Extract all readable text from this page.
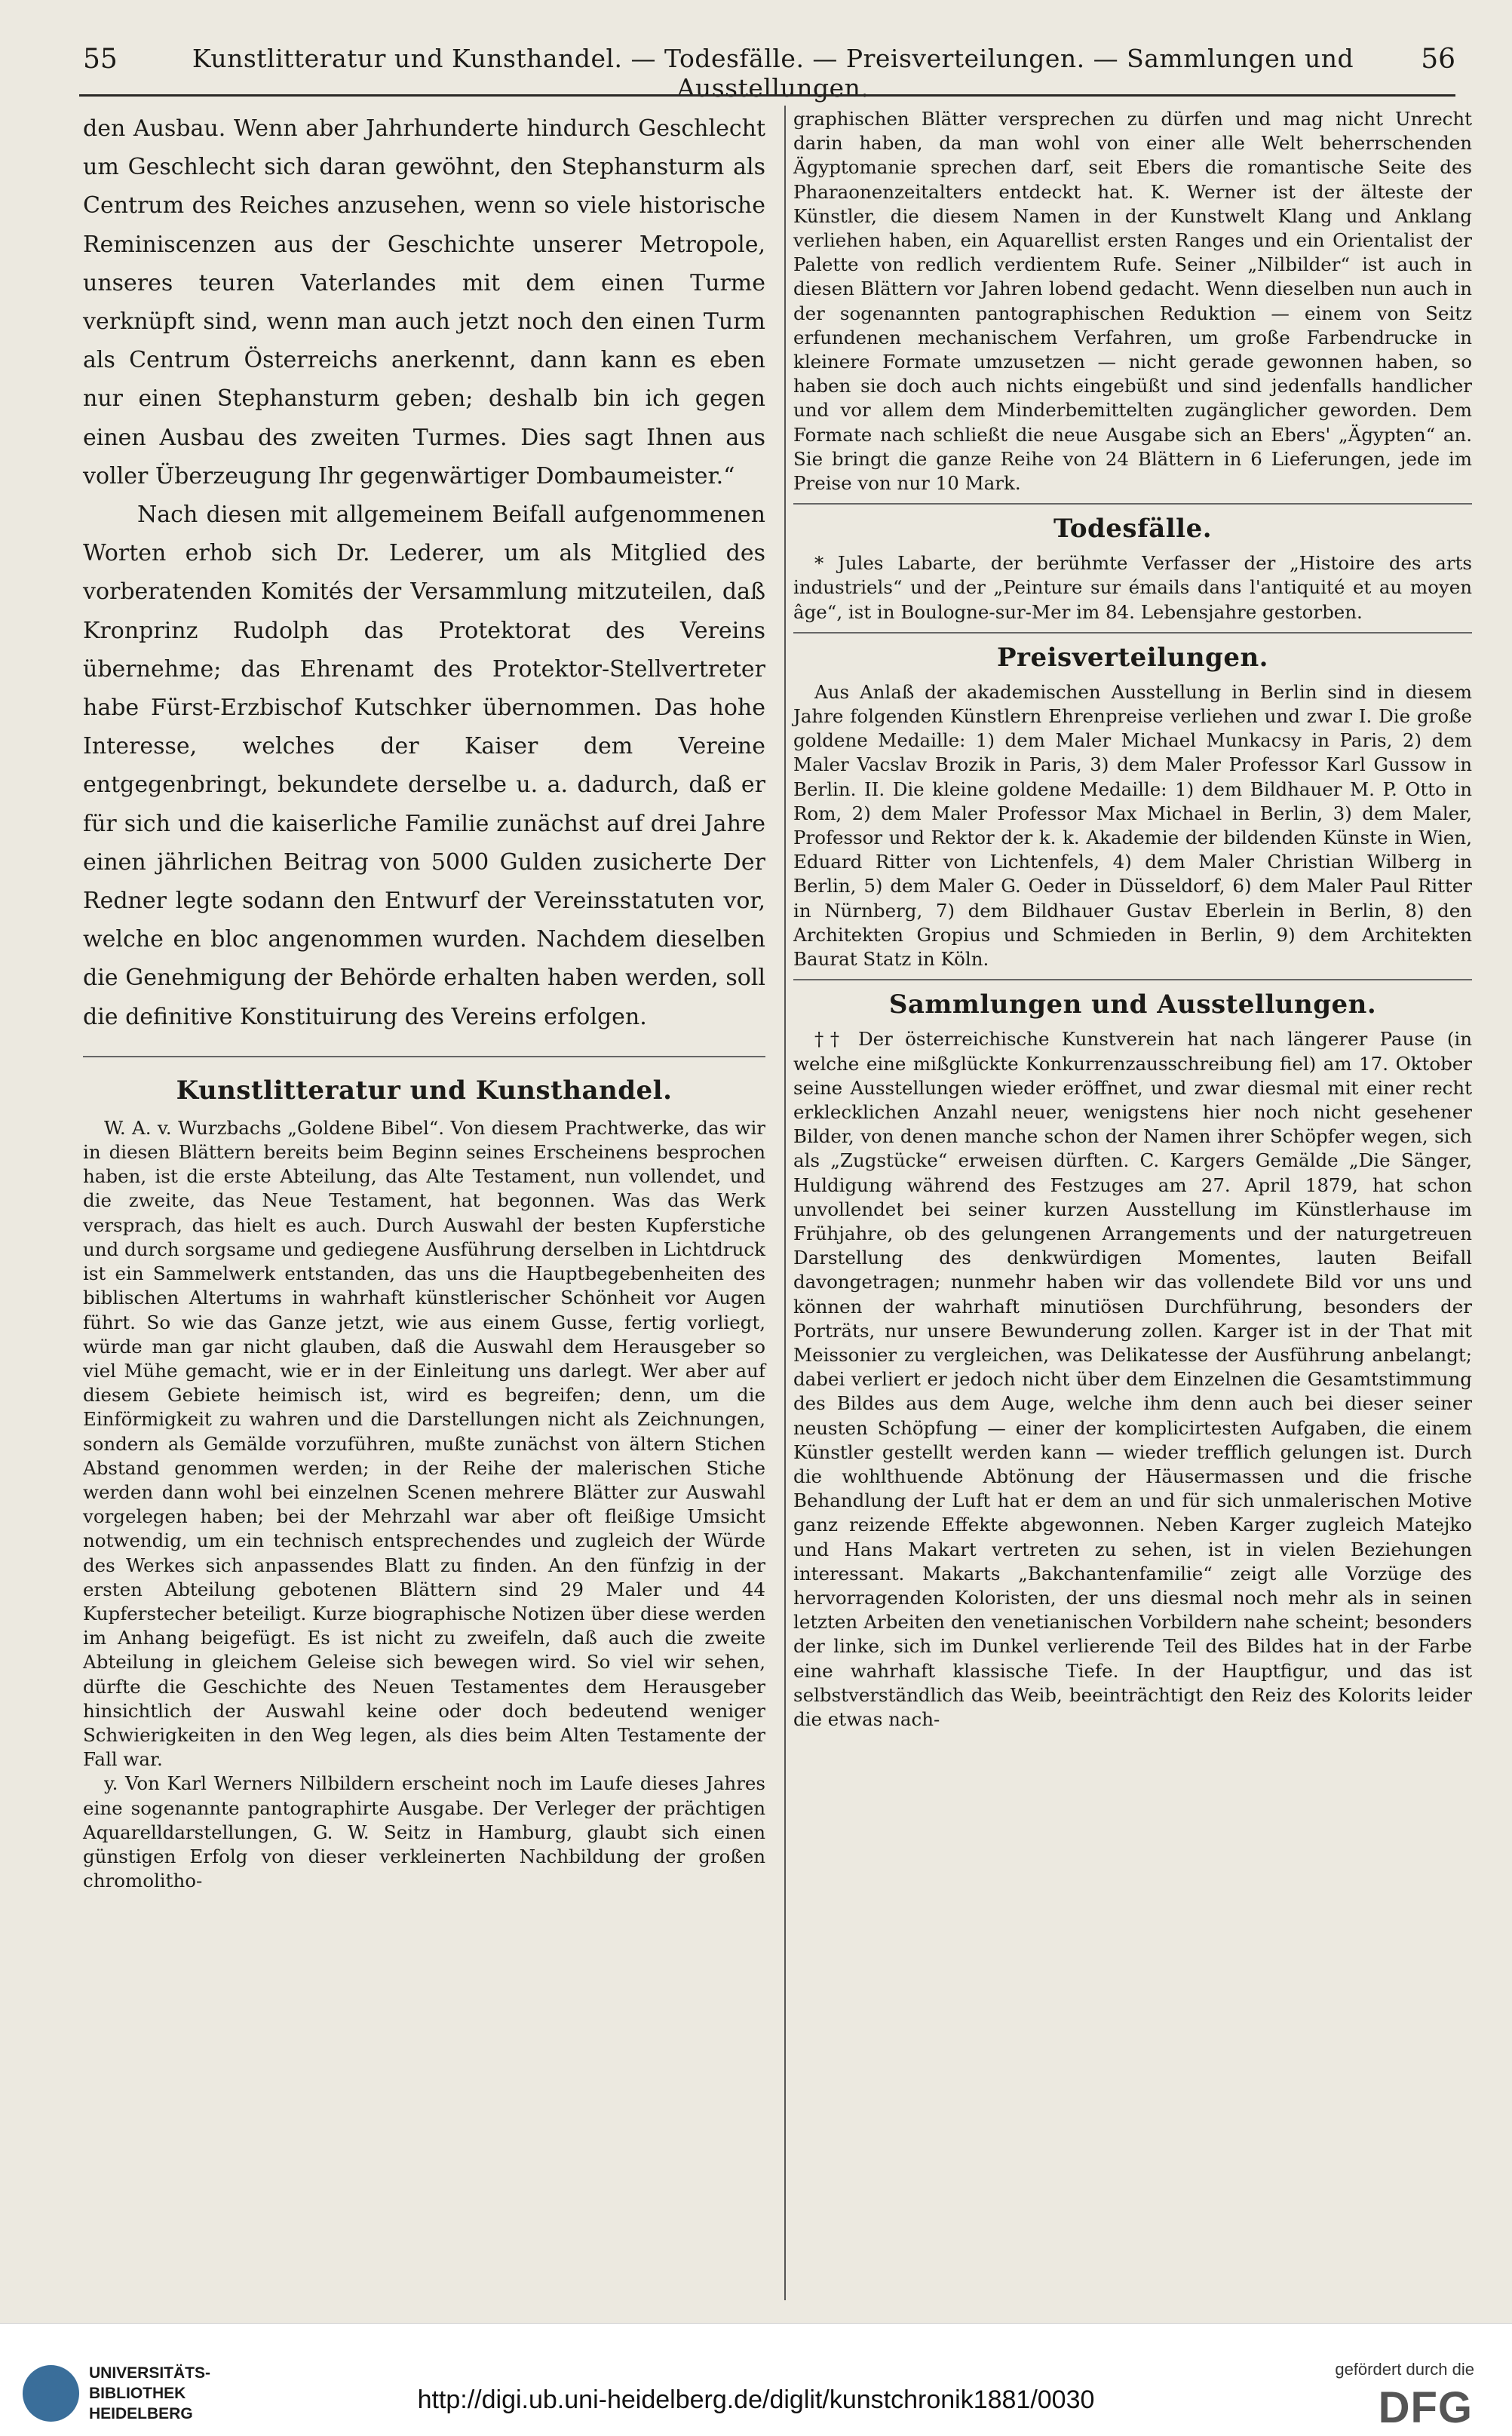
55	Kunstlitteratur und Kunsthandel. — Todesfälle. — Preisverteilungen. — Sammlungen und Ausstellungen.
56

den Ausbau. Wenn aber Jahrhunderte hindurch Geschlecht um Geschlecht sich daran gewöhnt, den Stephansturm als Centrum des Reiches anzusehen, wenn so viele historische Reminiscenzen aus der Geschichte unserer Metropole, unseres teuren Vaterlandes mit dem einen Turme verknüpft sind, wenn man auch jetzt noch den einen Turm als Centrum Österreichs anerkennt, dann kann es eben nur einen Stephansturm geben; deshalb bin ich gegen einen Ausbau des zweiten Turmes. Dies sagt Ihnen aus voller Überzeugung Ihr gegenwärtiger Dombaumeister.“

Nach diesen mit allgemeinem Beifall aufgenommenen Worten erhob sich Dr. Lederer, um als Mitglied des vorberatenden Komités der Versammlung mitzuteilen, daß Kronprinz Rudolph das Protektorat des Vereins übernehme; das Ehrenamt des Protektor-Stellvertreter habe Fürst-Erzbischof Kutschker übernommen. Das hohe Interesse, welches der Kaiser dem Vereine entgegenbringt, bekundete derselbe u. a. dadurch, daß er für sich und die kaiserliche Familie zunächst auf drei Jahre einen jährlichen Beitrag von 5000 Gulden zusicherte Der Redner legte sodann den Entwurf der Vereinsstatuten vor, welche en bloc angenommen wurden. Nachdem dieselben die Genehmigung der Behörde erhalten haben werden, soll die definitive Konstituirung des Vereins erfolgen.

Kunstlitteratur und Kunsthandel.

W. A. v. Wurzbachs „Goldene Bibel“. Von diesem Prachtwerke, das wir in diesen Blättern bereits beim Beginn seines Erscheinens besprochen haben, ist die erste Abteilung, das Alte Testament, nun vollendet, und die zweite, das Neue Testament, hat begonnen. Was das Werk versprach, das hielt es auch. Durch Auswahl der besten Kupferstiche und durch sorgsame und gediegene Ausführung derselben in Lichtdruck ist ein Sammelwerk entstanden, das uns die Hauptbegebenheiten des biblischen Altertums in wahrhaft künstlerischer Schönheit vor Augen führt. So wie das Ganze jetzt, wie aus einem Gusse, fertig vorliegt, würde man gar nicht glauben, daß die Auswahl dem Herausgeber so viel Mühe gemacht, wie er in der Einleitung uns darlegt. Wer aber auf diesem Gebiete heimisch ist, wird es begreifen; denn, um die Einförmigkeit zu wahren und die Darstellungen nicht als Zeichnungen, sondern als Gemälde vorzuführen, mußte zunächst von ältern Stichen Abstand genommen werden; in der Reihe der malerischen Stiche werden dann wohl bei einzelnen Scenen mehrere Blätter zur Auswahl vorgelegen haben; bei der Mehrzahl war aber oft fleißige Umsicht notwendig, um ein technisch entsprechendes und zugleich der Würde des Werkes sich anpassendes Blatt zu finden. An den fünfzig in der ersten Abteilung gebotenen Blättern sind 29 Maler und 44 Kupferstecher beteiligt. Kurze biographische Notizen über diese werden im Anhang beigefügt. Es ist nicht zu zweifeln, daß auch die zweite Abteilung in gleichem Geleise sich bewegen wird. So viel wir sehen, dürfte die Geschichte des Neuen Testamentes dem Herausgeber hinsichtlich der Auswahl keine oder doch bedeutend weniger Schwierigkeiten in den Weg legen, als dies beim Alten Testamente der Fall war.

y. Von Karl Werners Nilbildern erscheint noch im Laufe dieses Jahres eine sogenannte pantographirte Ausgabe. Der Verleger der prächtigen Aquarelldarstellungen, G. W. Seitz in Hamburg, glaubt sich einen günstigen Erfolg von dieser verkleinerten Nachbildung der großen chromolitho-

graphischen Blätter versprechen zu dürfen und mag nicht Unrecht darin haben, da man wohl von einer alle Welt beherrschenden Ägyptomanie sprechen darf, seit Ebers die romantische Seite des Pharaonenzeitalters entdeckt hat. K. Werner ist der älteste der Künstler, die diesem Namen in der Kunstwelt Klang und Anklang verliehen haben, ein Aquarellist ersten Ranges und ein Orientalist der Palette von redlich verdientem Rufe. Seiner „Nilbilder“ ist auch in diesen Blättern vor Jahren lobend gedacht. Wenn dieselben nun auch in der sogenannten pantographischen Reduktion — einem von Seitz erfundenen mechanischem Verfahren, um große Farbendrucke in kleinere Formate umzusetzen — nicht gerade gewonnen haben, so haben sie doch auch nichts eingebüßt und sind jedenfalls handlicher und vor allem dem Minderbemittelten zugänglicher geworden. Dem Formate nach schließt die neue Ausgabe sich an Ebers' „Ägypten“ an. Sie bringt die ganze Reihe von 24 Blättern in 6 Lieferungen, jede im Preise von nur 10 Mark.

Todesfälle.

* Jules Labarte, der berühmte Verfasser der „Histoire des arts industriels“ und der „Peinture sur émails dans l'antiquité et au moyen âge“, ist in Boulogne-sur-Mer im 84. Lebensjahre gestorben.

Preisverteilungen.

Aus Anlaß der akademischen Ausstellung in Berlin sind in diesem Jahre folgenden Künstlern Ehrenpreise verliehen und zwar I. Die große goldene Medaille: 1) dem Maler Michael Munkacsy in Paris, 2) dem Maler Vacslav Brozik in Paris, 3) dem Maler Professor Karl Gussow in Berlin. II. Die kleine goldene Medaille: 1) dem Bildhauer M. P. Otto in Rom, 2) dem Maler Professor Max Michael in Berlin, 3) dem Maler, Professor und Rektor der k. k. Akademie der bildenden Künste in Wien, Eduard Ritter von Lichtenfels, 4) dem Maler Christian Wilberg in Berlin, 5) dem Maler G. Oeder in Düsseldorf, 6) dem Maler Paul Ritter in Nürnberg, 7) dem Bildhauer Gustav Eberlein in Berlin, 8) den Architekten Gropius und Schmieden in Berlin, 9) dem Architekten Baurat Statz in Köln.

Sammlungen und Ausstellungen.

†† Der österreichische Kunstverein hat nach längerer Pause (in welche eine mißglückte Konkurrenzausschreibung fiel) am 17. Oktober seine Ausstellungen wieder eröffnet, und zwar diesmal mit einer recht erklecklichen Anzahl neuer, wenigstens hier noch nicht gesehener Bilder, von denen manche schon der Namen ihrer Schöpfer wegen, sich als „Zugstücke“ erweisen dürften. C. Kargers Gemälde „Die Sänger, Huldigung während des Festzuges am 27. April 1879, hat schon unvollendet bei seiner kurzen Ausstellung im Künstlerhause im Frühjahre, ob des gelungenen Arrangements und der naturgetreuen Darstellung des denkwürdigen Momentes, lauten Beifall davongetragen; nunmehr haben wir das vollendete Bild vor uns und können der wahrhaft minutiösen Durchführung, besonders der Porträts, nur unsere Bewunderung zollen. Karger ist in der That mit Meissonier zu vergleichen, was Delikatesse der Ausführung anbelangt; dabei verliert er jedoch nicht über dem Einzelnen die Gesamtstimmung des Bildes aus dem Auge, welche ihm denn auch bei dieser seiner neusten Schöpfung — einer der komplicirtesten Aufgaben, die einem Künstler gestellt werden kann — wieder trefflich gelungen ist. Durch die wohlthuende Abtönung der Häusermassen und die frische Behandlung der Luft hat er dem an und für sich unmalerischen Motive ganz reizende Effekte abgewonnen. Neben Karger zugleich Matejko und Hans Makart vertreten zu sehen, ist in vielen Beziehungen interessant. Makarts „Bakchantenfamilie“ zeigt alle Vorzüge des hervorragenden Koloristen, der uns diesmal noch mehr als in seinen letzten Arbeiten den venetianischen Vorbildern nahe scheint; besonders der linke, sich im Dunkel verlierende Teil des Bildes hat in der Farbe eine wahrhaft klassische Tiefe. In der Hauptfigur, und das ist selbstverständlich das Weib, beeinträchtigt den Reiz des Kolorits leider die etwas nach-

UNIVERSITÄTS-
BIBLIOTHEK
HEIDELBERG	http://digi.ub.uni-heidelberg.de/diglit/kunstchronik1881/0030
gefördert durch die
DFG
